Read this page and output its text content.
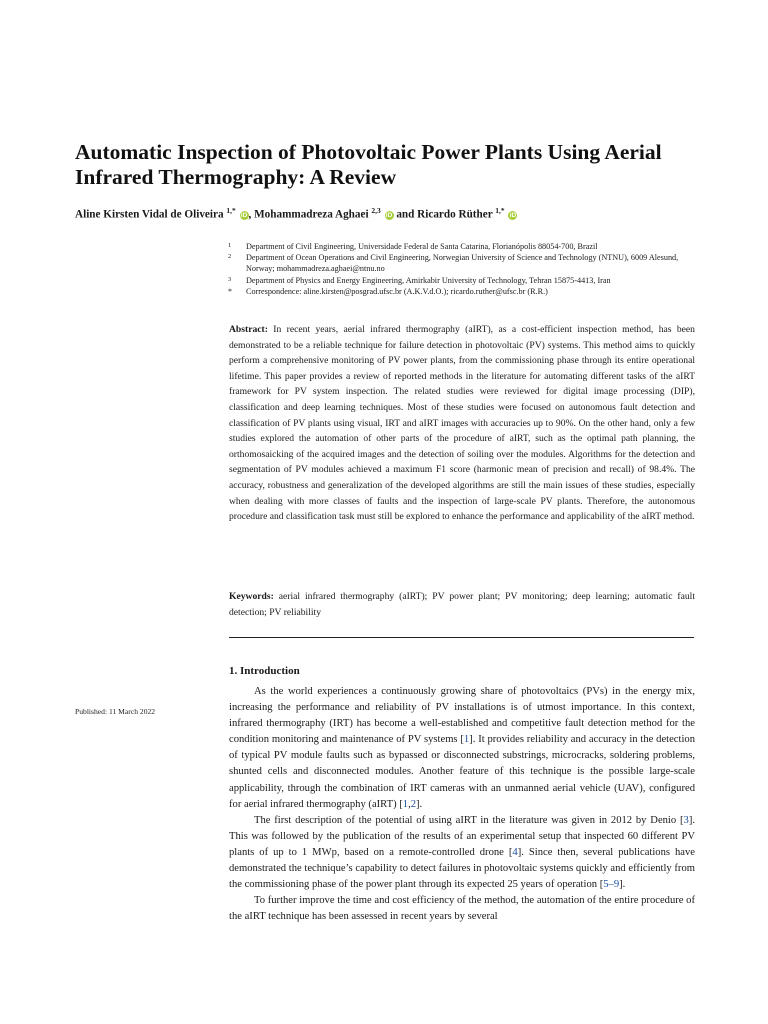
Automatic Inspection of Photovoltaic Power Plants Using Aerial Infrared Thermography: A Review
Aline Kirsten Vidal de Oliveira $^{1,*}$ iD, Mohammadreza Aghaei $^{2,3}$ iD and Ricardo Rüther $^{1,*}$ iD
1 Department of Civil Engineering, Universidade Federal de Santa Catarina, Florianópolis 88054-700, Brazil
2 Department of Ocean Operations and Civil Engineering, Norwegian University of Science and Technology (NTNU), 6009 Alesund, Norway; mohammadreza.aghaei@ntnu.no
3 Department of Physics and Energy Engineering, Amirkabir University of Technology, Tehran 15875-4413, Iran
* Correspondence: aline.kirsten@posgrad.ufsc.br (A.K.V.d.O.); ricardo.ruther@ufsc.br (R.R.)
Abstract: In recent years, aerial infrared thermography (aIRT), as a cost-efficient inspection method, has been demonstrated to be a reliable technique for failure detection in photovoltaic (PV) systems. This method aims to quickly perform a comprehensive monitoring of PV power plants, from the commissioning phase through its entire operational lifetime. This paper provides a review of reported methods in the literature for automating different tasks of the aIRT framework for PV system inspection. The related studies were reviewed for digital image processing (DIP), classification and deep learning techniques. Most of these studies were focused on autonomous fault detection and classification of PV plants using visual, IRT and aIRT images with accuracies up to 90%. On the other hand, only a few studies explored the automation of other parts of the procedure of aIRT, such as the optimal path planning, the orthomosaicking of the acquired images and the detection of soiling over the modules. Algorithms for the detection and segmentation of PV modules achieved a maximum F1 score (harmonic mean of precision and recall) of 98.4%. The accuracy, robustness and generalization of the developed algorithms are still the main issues of these studies, especially when dealing with more classes of faults and the inspection of large-scale PV plants. Therefore, the autonomous procedure and classification task must still be explored to enhance the performance and applicability of the aIRT method.
Keywords: aerial infrared thermography (aIRT); PV power plant; PV monitoring; deep learning; automatic fault detection; PV reliability
1. Introduction

As the world experiences a continuously growing share of photovoltaics (PVs) in the energy mix, increasing the performance and reliability of PV installations is of utmost importance. In this context, infrared thermography (IRT) has become a well-established and competitive fault detection method for the condition monitoring and maintenance of PV systems [1]. It provides reliability and accuracy in the detection of typical PV module faults such as bypassed or disconnected substrings, microcracks, soldering problems, shunted cells and disconnected modules. Another feature of this technique is the possible large-scale applicability, through the combination of IRT cameras with an unmanned aerial vehicle (UAV), configured for aerial infrared thermography (aIRT) [1,2].

The first description of the potential of using aIRT in the literature was given in 2012 by Denio [3]. This was followed by the publication of the results of an experimental setup that inspected 60 different PV plants of up to 1 MWp, based on a remote-controlled drone [4]. Since then, several publications have demonstrated the technique’s capability to detect failures in photovoltaic systems quickly and efficiently from the commissioning phase of the power plant through its expected 25 years of operation [5–9].

To further improve the time and cost efficiency of the method, the automation of the entire procedure of the aIRT technique has been assessed in recent years by several

Published: 11 March 2022
